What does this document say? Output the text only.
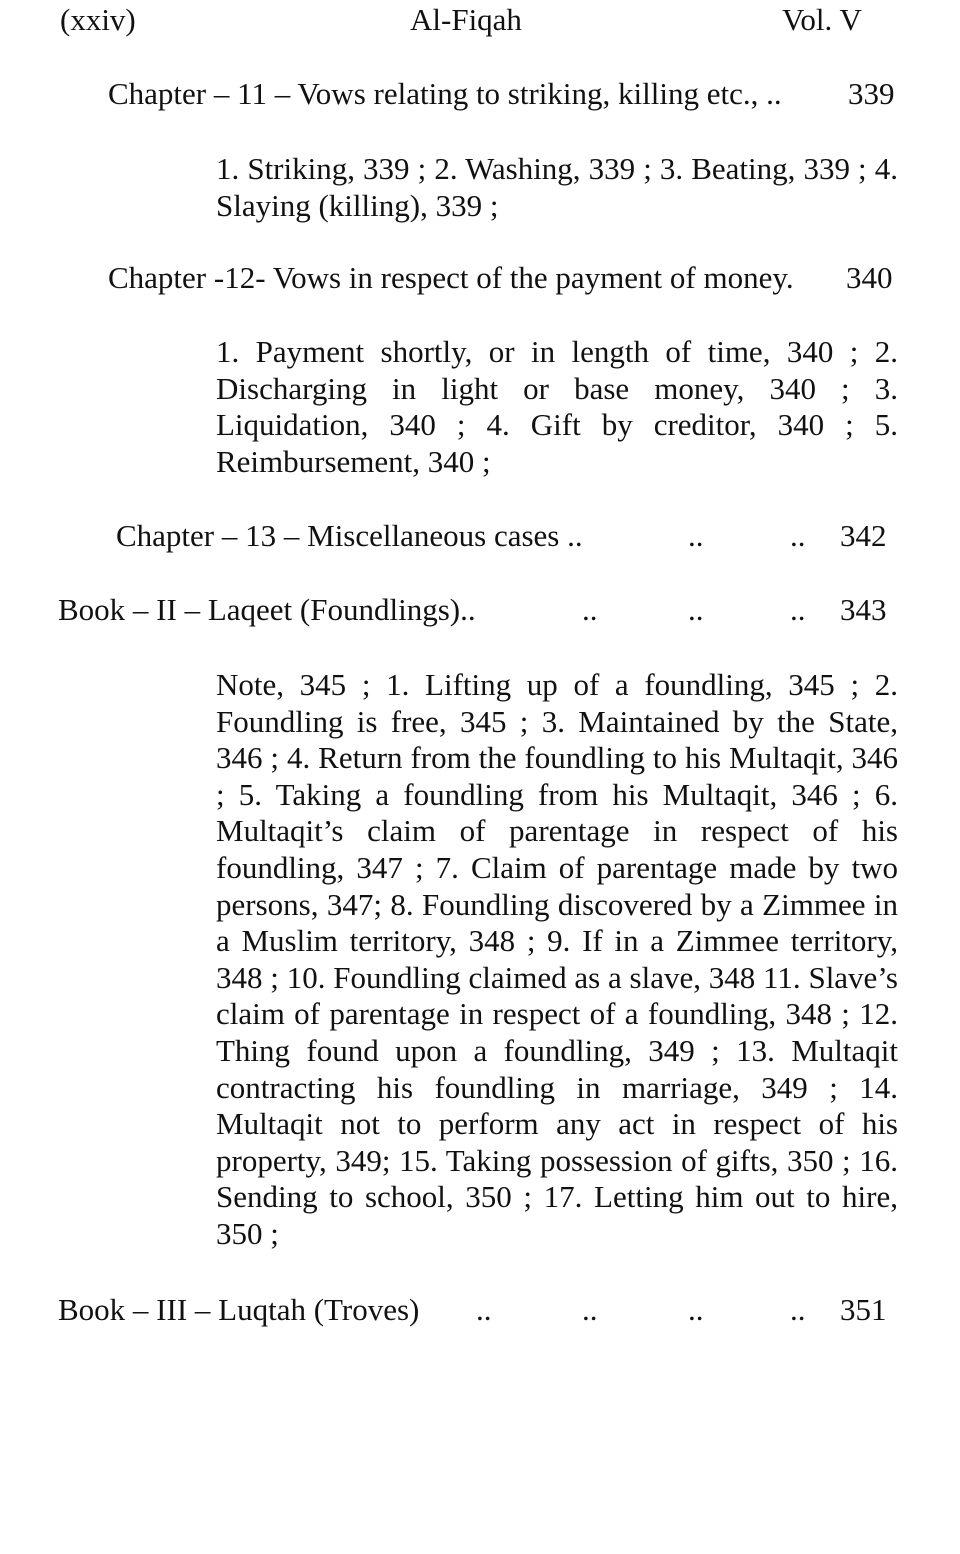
(xxiv)	Al-Fiqah	Vol. V
Chapter – 11 – Vows relating to striking, killing etc., .. 339
1. Striking, 339 ; 2. Washing, 339 ; 3. Beating, 339 ; 4. Slaying (killing), 339 ;
Chapter -12- Vows in respect of the payment of money. 340
1. Payment shortly, or in length of time, 340 ; 2. Discharging in light or base money, 340 ; 3. Liquidation, 340 ; 4. Gift by creditor, 340 ; 5. Reimbursement, 340 ;
Chapter – 13 – Miscellaneous cases ..	..	.. 342
Book – II – Laqeet (Foundlings)..	..	..	.. 343
Note, 345 ; 1. Lifting up of a foundling, 345 ; 2. Foundling is free, 345 ; 3. Maintained by the State, 346 ; 4. Return from the foundling to his Multaqit, 346 ; 5. Taking a foundling from his Multaqit, 346 ; 6. Multaqit’s claim of parentage in respect of his foundling, 347 ; 7. Claim of parentage made by two persons, 347; 8. Foundling discovered by a Zimmee in a Muslim territory, 348 ; 9. If in a Zimmee territory, 348 ; 10. Foundling claimed as a slave, 348 11. Slave’s claim of parentage in respect of a foundling, 348 ; 12. Thing found upon a foundling, 349 ; 13. Multaqit contracting his foundling in marriage, 349 ; 14. Multaqit not to perform any act in respect of his property, 349; 15. Taking possession of gifts, 350 ; 16. Sending to school, 350 ; 17. Letting him out to hire, 350 ;
Book – III – Luqtah (Troves) ..	..	..	.. 351
